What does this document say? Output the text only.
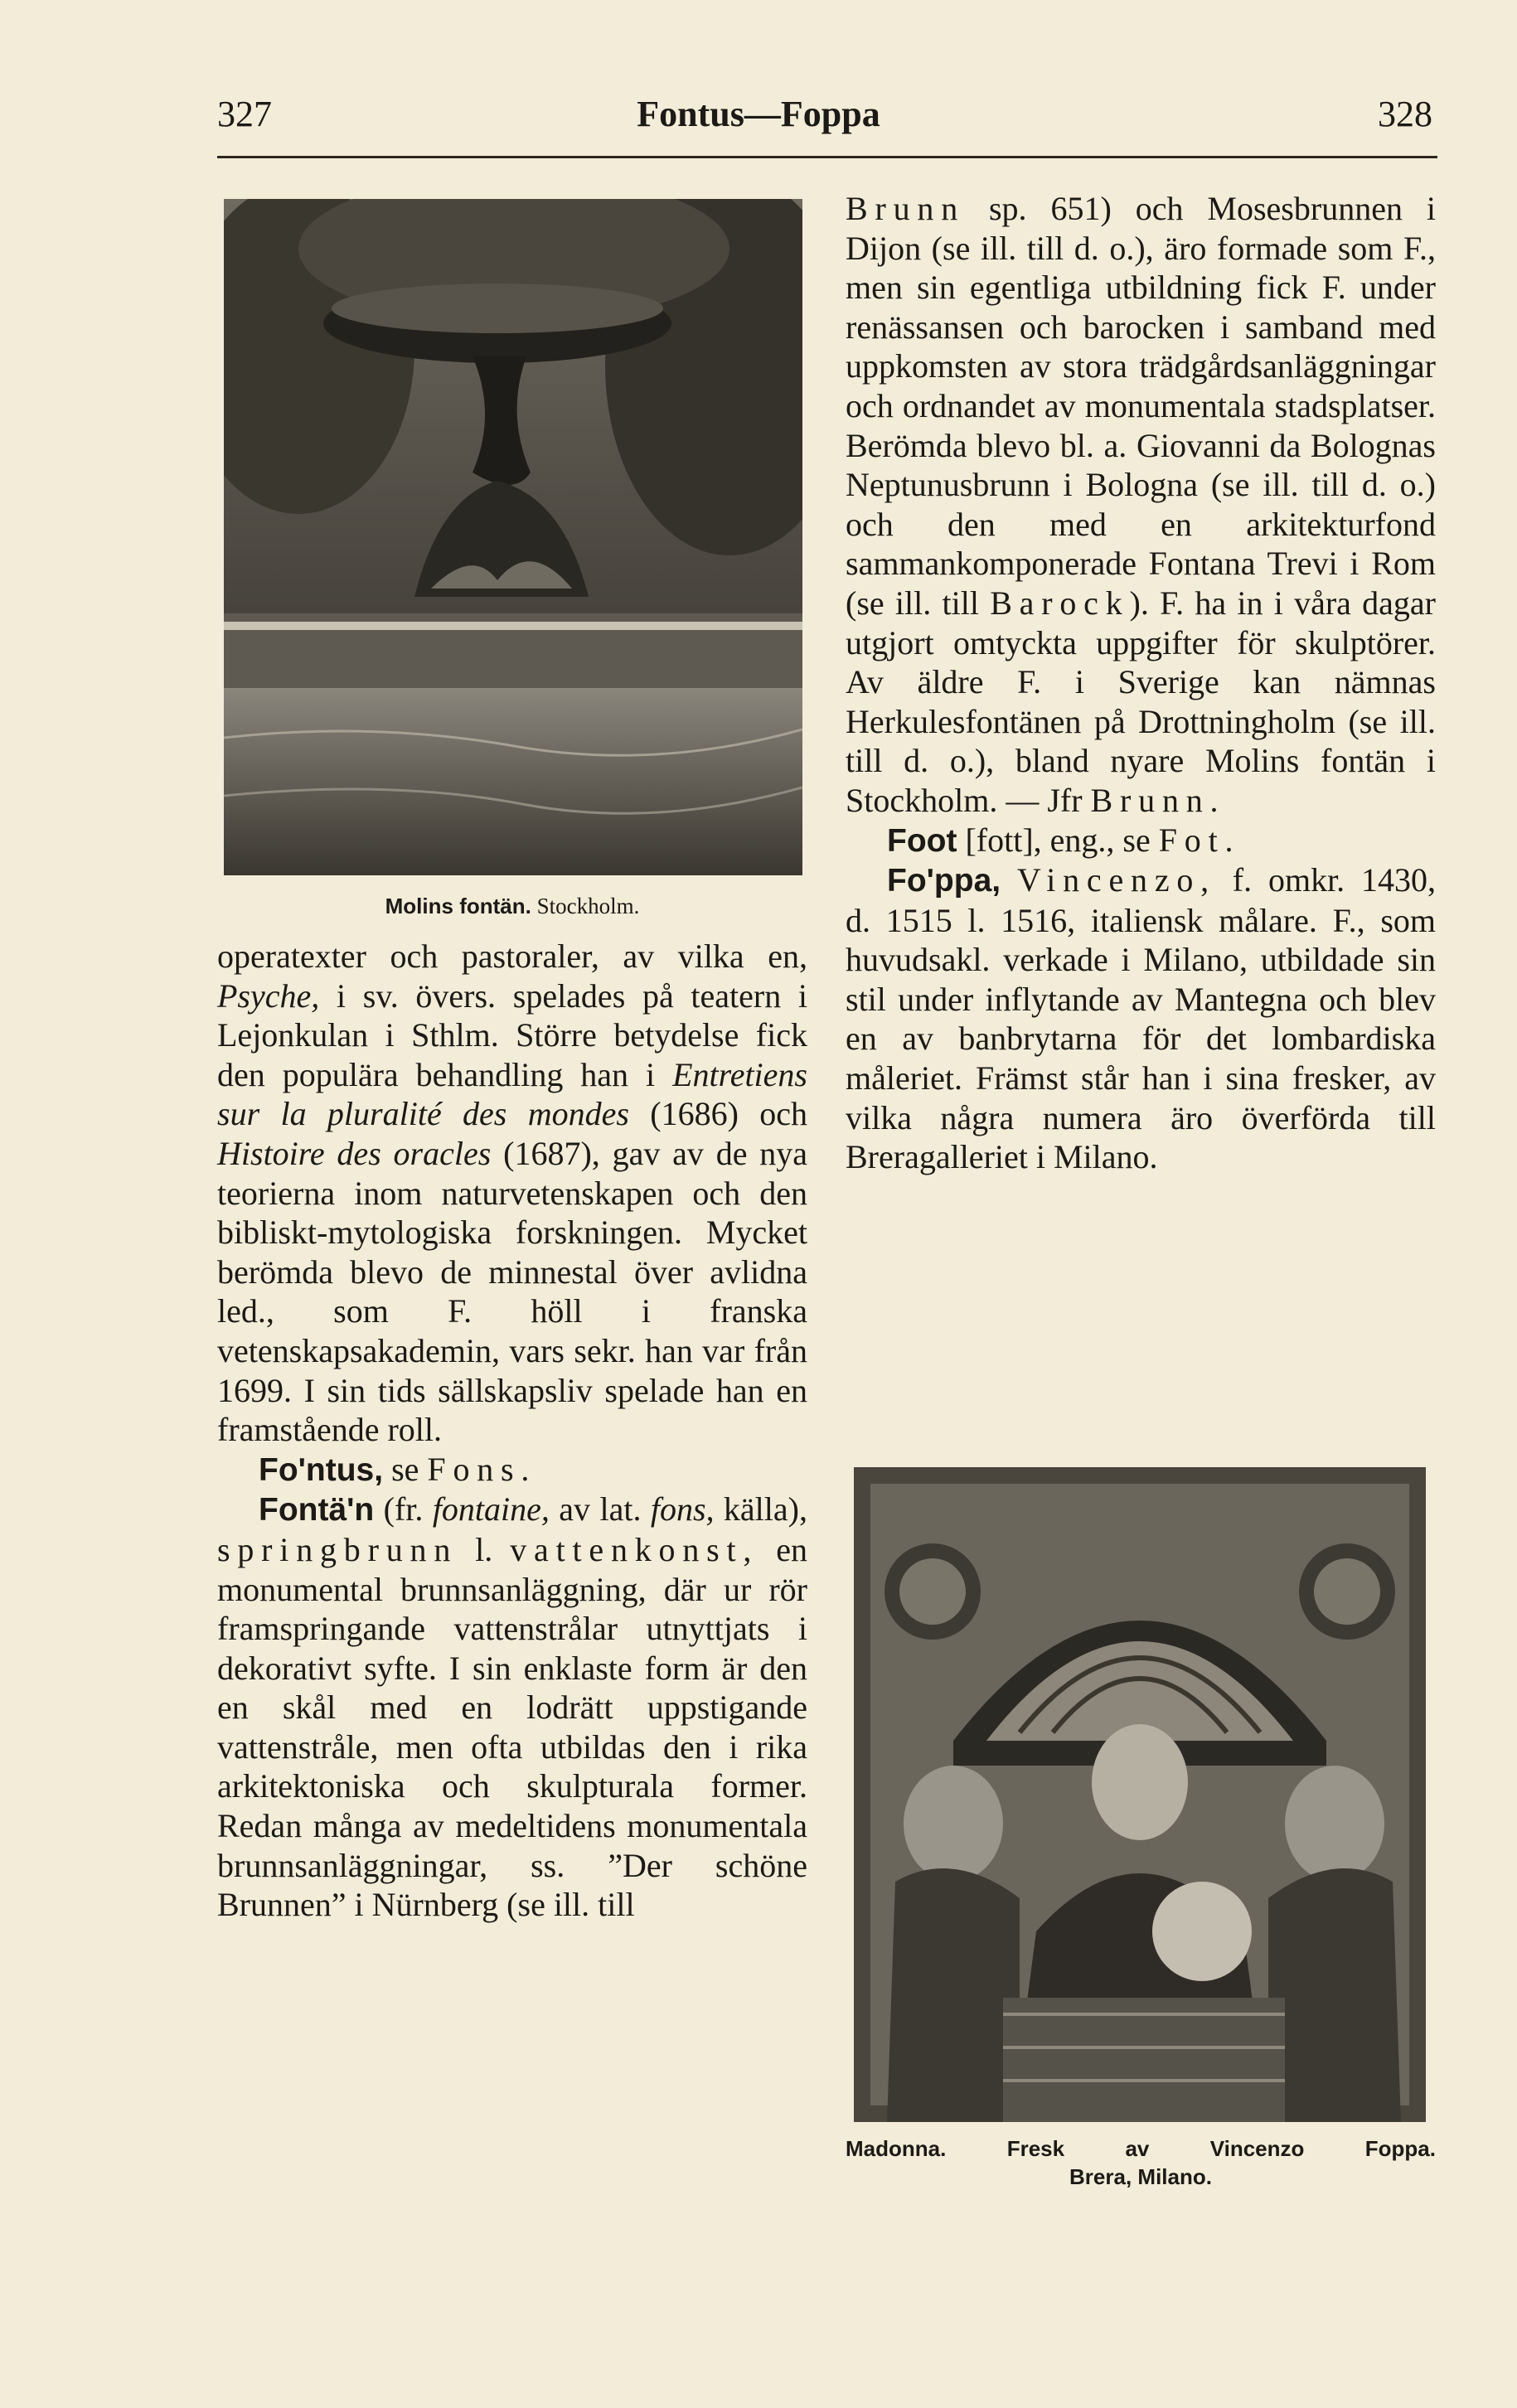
327	Fontus—Foppa	328
Molins fontän. Stockholm.

operatexter och pastoraler, av vilka en, Psyche, i sv. övers. spelades på teatern i Lejonkulan i Sthlm. Större betydelse fick den populära behandling han i Entretiens sur la pluralité des mondes (1686) och Histoire des oracles (1687), gav av de nya teorierna inom naturvetenskapen och den bibliskt-mytologiska forskningen. Mycket berömda blevo de minnestal över avlidna led., som F. höll i franska vetenskapsakademin, vars sekr. han var från 1699. I sin tids sällskapsliv spelade han en framstående roll.

Fo'ntus, se Fons.

Fontä'n (fr. fontaine, av lat. fons, källa), springbrunn l. vattenkonst, en monumental brunnsanläggning, där ur rör framspringande vattenstrålar utnyttjats i dekorativt syfte. I sin enklaste form är den en skål med en lodrätt uppstigande vattenstråle, men ofta utbildas den i rika arkitektoniska och skulpturala former. Redan många av medeltidens monumentala brunnsanläggningar, ss. ”Der schöne Brunnen” i Nürnberg (se ill. till

Brunn sp. 651) och Mosesbrunnen i Dijon (se ill. till d. o.), äro formade som F., men sin egentliga utbildning fick F. under renässansen och barocken i samband med uppkomsten av stora trädgårdsanläggningar och ordnandet av monumentala stadsplatser. Berömda blevo bl. a. Giovanni da Bolognas Neptunusbrunn i Bologna (se ill. till d. o.) och den med en arkitekturfond sammankomponerade Fontana Trevi i Rom (se ill. till Barock). F. ha in i våra dagar utgjort omtyckta uppgifter för skulptörer. Av äldre F. i Sverige kan nämnas Herkulesfontänen på Drottningholm (se ill. till d. o.), bland nyare Molins fontän i Stockholm. — Jfr Brunn.

Foot [fott], eng., se Fot.

Fo'ppa, Vincenzo, f. omkr. 1430, d. 1515 l. 1516, italiensk målare. F., som huvudsakl. verkade i Milano, utbildade sin stil under inflytande av Mantegna och blev en av banbrytarna för det lombardiska måleriet. Främst står han i sina fresker, av vilka några numera äro överförda till Breragalleriet i Milano.

Madonna. Fresk av Vincenzo Foppa.
Brera, Milano.
